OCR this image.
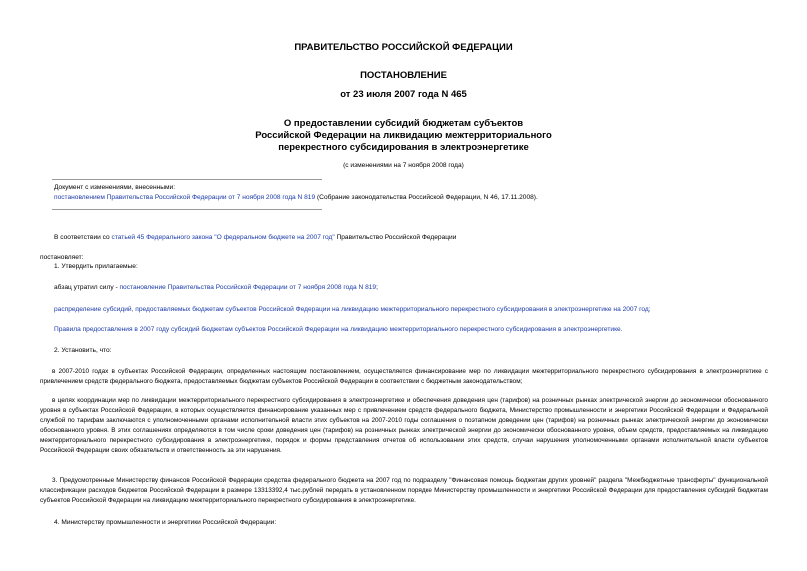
ПРАВИТЕЛЬСТВО РОССИЙСКОЙ ФЕДЕРАЦИИ
ПОСТАНОВЛЕНИЕ
от 23 июля 2007 года N 465
О предоставлении субсидий бюджетам субъектов
Российской Федерации на ликвидацию межтерриториального
перекрестного субсидирования в электроэнергетике
(с изменениями на 7 ноября 2008 года)
Документ с изменениями, внесенными:
постановлением Правительства Российской Федерации от 7 ноября 2008 года N 819 (Собрание законодательства Российской Федерации, N 46, 17.11.2008).
В соответствии со статьей 45 Федерального закона "О федеральном бюджете на 2007 год" Правительство Российской Федерации
постановляет:
1. Утвердить прилагаемые:
абзац утратил силу - постановление Правительства Российской Федерации от 7 ноября 2008 года N 819;
распределение субсидий, предоставляемых бюджетам субъектов Российской Федерации на ликвидацию межтерриториального перекрестного субсидирования в электроэнергетике на 2007 год;
Правила предоставления в 2007 году субсидий бюджетам субъектов Российской Федерации на ликвидацию межтерриториального перекрестного субсидирования в электроэнергетике.
2. Установить, что:
в 2007-2010 годах в субъектах Российской Федерации, определенных настоящим постановлением, осуществляется финансирование мер по ликвидации межтерриториального перекрестного субсидирования в электроэнергетике с привлечением средств федерального бюджета, предоставляемых бюджетам субъектов Российской Федерации в соответствии с бюджетным законодательством;
в целях координации мер по ликвидации межтерриториального перекрестного субсидирования в электроэнергетике и обеспечения доведения цен (тарифов) на розничных рынках электрической энергии до экономически обоснованного уровня в субъектах Российской Федерации, в которых осуществляется финансирование указанных мер с привлечением средств федерального бюджета, Министерство промышленности и энергетики Российской Федерации и Федеральной службой по тарифам заключаются с уполномоченными органами исполнительной власти этих субъектов на 2007-2010 годы соглашения о поэтапном доведении цен (тарифов) на розничных рынках электрической энергии до экономически обоснованного уровня. В этих соглашениях определяются в том числе сроки доведения цен (тарифов) на розничных рынках электрической энергии до экономически обоснованного уровня, объем средств, предоставляемых на ликвидацию межтерриториального перекрестного субсидирования в электроэнергетике, порядок и формы представления отчетов об использовании этих средств, случаи нарушения уполномоченными органами исполнительной власти субъектов Российской Федерации своих обязательств и ответственность за эти нарушения.
3. Предусмотренные Министерству финансов Российской Федерации средства федерального бюджета на 2007 год по подразделу "Финансовая помощь бюджетам других уровней" раздела "Межбюджетные трансферты" функциональной классификации расходов бюджетов Российской Федерации в размере 13313392,4 тыс.рублей передать в установленном порядке Министерству промышленности и энергетики Российской Федерации для предоставления субсидий бюджетам субъектов Российской Федерации на ликвидацию межтерриториального перекрестного субсидирования в электроэнергетике.
4. Министерству промышленности и энергетики Российской Федерации:
